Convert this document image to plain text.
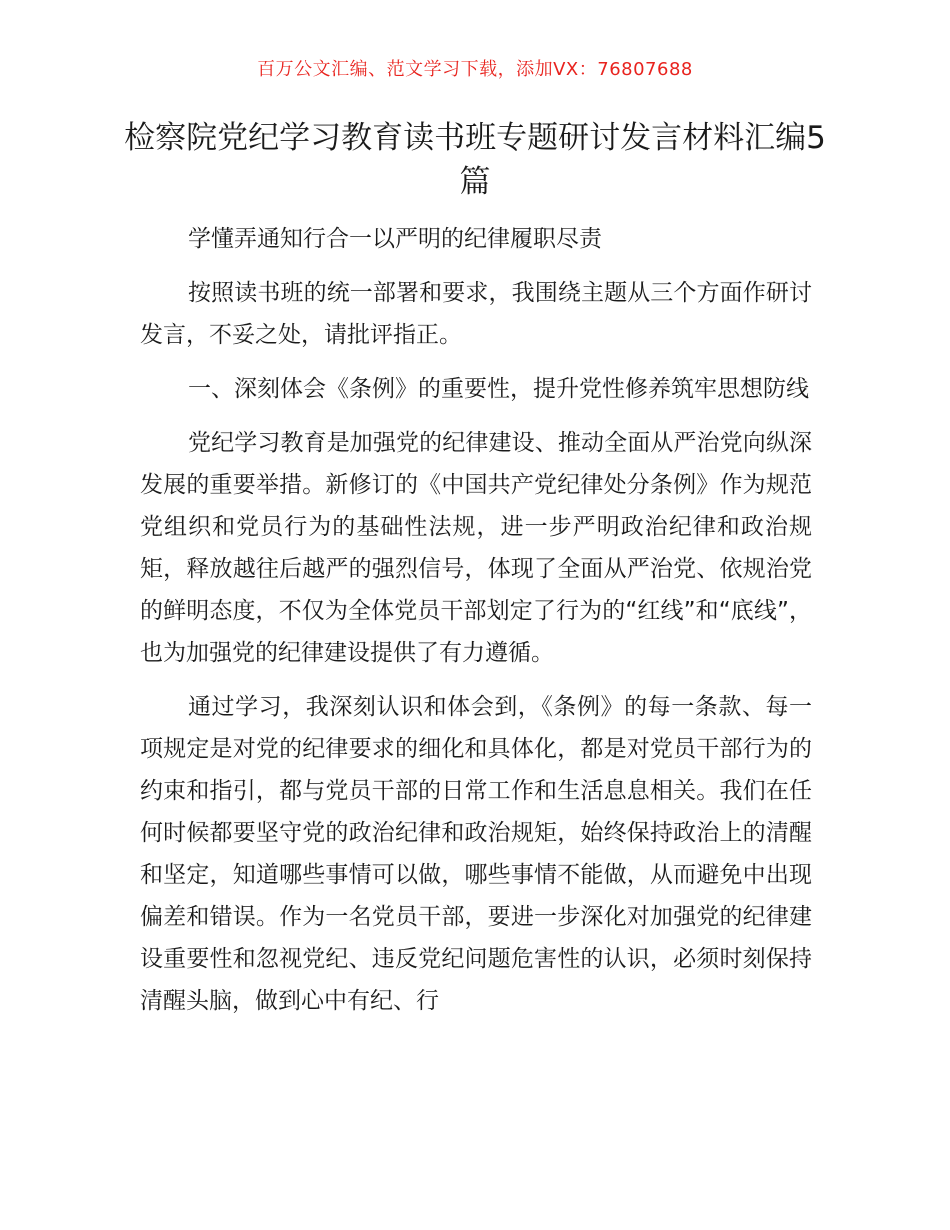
百万公文汇编、范文学习下载，添加VX：76807688
检察院党纪学习教育读书班专题研讨发言材料汇编5篇

学懂弄通知行合一以严明的纪律履职尽责

按照读书班的统一部署和要求，我围绕主题从三个方面作研讨发言，不妥之处，请批评指正。

一、深刻体会《条例》的重要性，提升党性修养筑牢思想防线

党纪学习教育是加强党的纪律建设、推动全面从严治党向纵深发展的重要举措。新修订的《中国共产党纪律处分条例》作为规范党组织和党员行为的基础性法规，进一步严明政治纪律和政治规矩，释放越往后越严的强烈信号，体现了全面从严治党、依规治党的鲜明态度，不仅为全体党员干部划定了行为的“红线”和“底线”，也为加强党的纪律建设提供了有力遵循。

通过学习，我深刻认识和体会到，《条例》的每一条款、每一项规定是对党的纪律要求的细化和具体化，都是对党员干部行为的约束和指引，都与党员干部的日常工作和生活息息相关。我们在任何时候都要坚守党的政治纪律和政治规矩，始终保持政治上的清醒和坚定，知道哪些事情可以做，哪些事情不能做，从而避免中出现偏差和错误。作为一名党员干部，要进一步深化对加强党的纪律建设重要性和忽视党纪、违反党纪问题危害性的认识，必须时刻保持清醒头脑，做到心中有纪、行
